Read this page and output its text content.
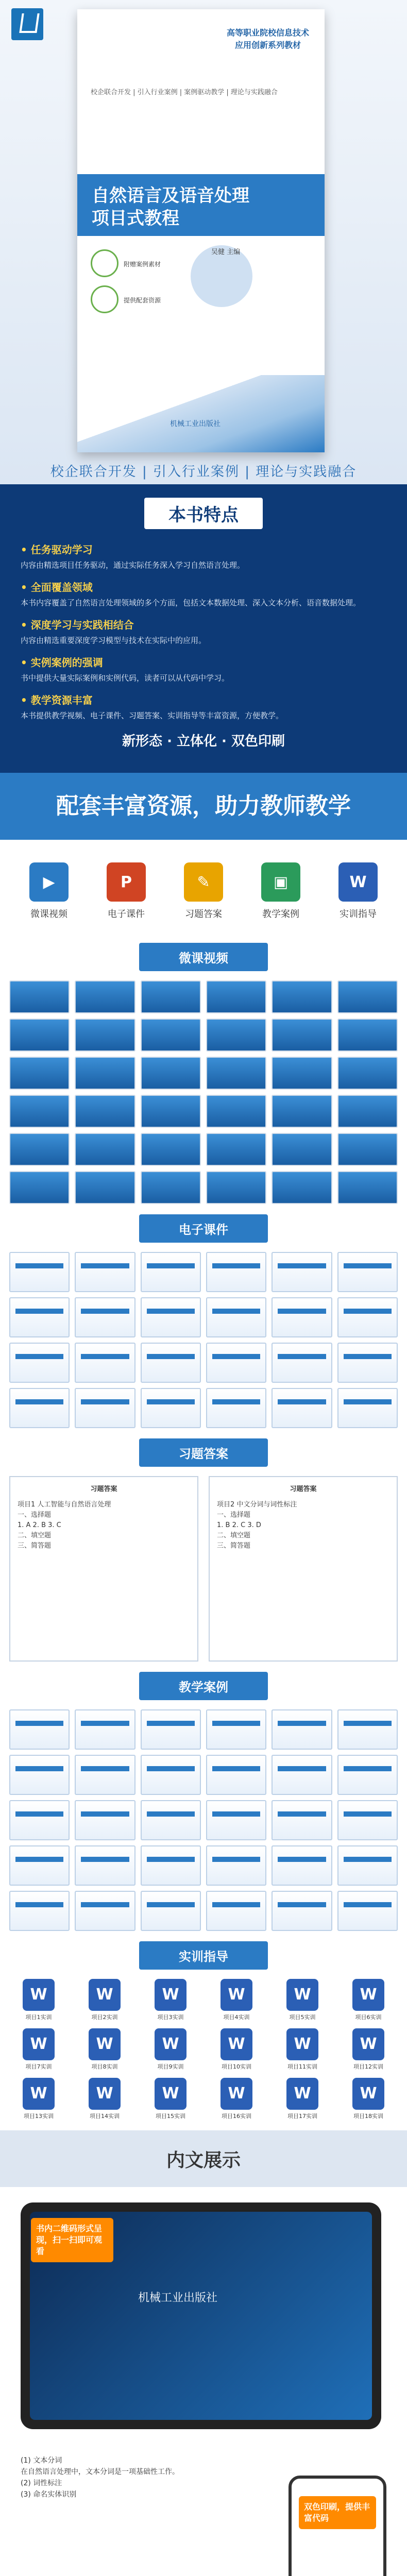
高等职业院校信息技术
应用创新系列教材
校企联合开发 | 引入行业案例 | 案例驱动教学 | 理论与实践融合
自然语言及语音处理
项目式教程
附赠案例素材
提供配套资源
吴健 主编
机械工业出版社
校企联合开发 | 引入行业案例 | 理论与实践融合
本书特点
• 任务驱动学习
内容由精选项目任务驱动，通过实际任务深入学习自然语言处理。
• 全面覆盖领域
本书内容覆盖了自然语言处理领域的多个方面，包括文本数据处理、深入文本分析、语音数据处理。
• 深度学习与实践相结合
内容由精选重要深度学习模型与技术在实际中的应用。
• 实例案例的强调
书中提供大量实际案例和实例代码，读者可以从代码中学习。
• 教学资源丰富
本书提供教学视频、电子课件、习题答案、实训指导等丰富资源，方便教学。
新形态 · 立体化 · 双色印刷
配套丰富资源，助力教师教学
▶
微课视频
P
电子课件
✎
习题答案
▣
教学案例
W
实训指导
微课视频
电子课件
习题答案
习题答案
项目1 人工智能与自然语言处理
一、选择题
1. A 2. B 3. C
二、填空题
三、简答题
习题答案
项目2 中文分词与词性标注
一、选择题
1. B 2. C 3. D
二、填空题
三、简答题
教学案例
实训指导
W
项目1实训
W
项目2实训
W
项目3实训
W
项目4实训
W
项目5实训
W
项目6实训
W
项目7实训
W
项目8实训
W
项目9实训
W
项目10实训
W
项目11实训
W
项目12实训
W
项目13实训
W
项目14实训
W
项目15实训
W
项目16实训
W
项目17实训
W
项目18实训
内文展示
机械工业出版社
书内二维码形式呈现，扫一扫即可观看
(1) 文本分词
在自然语言处理中，文本分词是一项基础性工作。
(2) 词性标注
(3) 命名实体识别
双色印刷，提供丰富代码
